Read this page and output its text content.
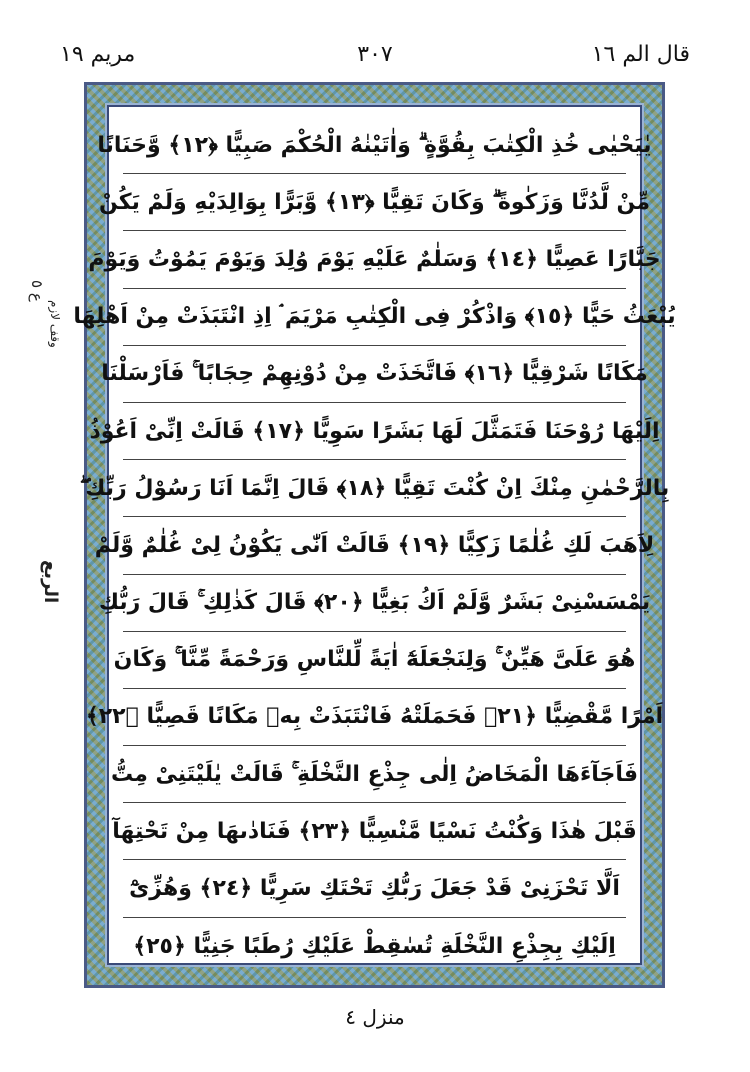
قال الم ١٦
٣٠٧
مریم ١٩
ع ٥
وقف لازم
الربع
يٰيَحْيٰى خُذِ الْكِتٰبَ بِقُوَّةٍ ۗ وَاٰتَيْنٰهُ الْحُكْمَ صَبِيًّا ﴿١٢﴾ وَّحَنَانًا
مِّنْ لَّدُنَّا وَزَكٰوةً ۗ وَكَانَ تَقِيًّا ﴿١٣﴾ وَّبَرًّا بِوَالِدَيْهِ وَلَمْ يَكُنْ
جَبَّارًا عَصِيًّا ﴿١٤﴾ وَسَلٰمٌ عَلَيْهِ يَوْمَ وُلِدَ وَيَوْمَ يَمُوْتُ وَيَوْمَ
يُبْعَثُ حَيًّا ﴿١٥﴾ وَاذْكُرْ فِى الْكِتٰبِ مَرْيَمَ ۘ اِذِ انْتَبَذَتْ مِنْ اَهْلِهَا
مَكَانًا شَرْقِيًّا ﴿١٦﴾ فَاتَّخَذَتْ مِنْ دُوْنِهِمْ حِجَابًا ۚ فَاَرْسَلْنَا
اِلَيْهَا رُوْحَنَا فَتَمَثَّلَ لَهَا بَشَرًا سَوِيًّا ﴿١٧﴾ قَالَتْ اِنِّىْ اَعُوْذُ
بِالرَّحْمٰنِ مِنْكَ اِنْ كُنْتَ تَقِيًّا ﴿١٨﴾ قَالَ اِنَّمَا اَنَا رَسُوْلُ رَبِّكِ ۖ
لِاَهَبَ لَكِ غُلٰمًا زَكِيًّا ﴿١٩﴾ قَالَتْ اَنّٰى يَكُوْنُ لِىْ غُلٰمٌ وَّلَمْ
يَمْسَسْنِىْ بَشَرٌ وَّلَمْ اَكُ بَغِيًّا ﴿٢٠﴾ قَالَ كَذٰلِكِ ۚ قَالَ رَبُّكِ
هُوَ عَلَىَّ هَيِّنٌ ۚ وَلِنَجْعَلَهٗٓ اٰيَةً لِّلنَّاسِ وَرَحْمَةً مِّنَّا ۚ وَكَانَ
اَمْرًا مَّقْضِيًّا ﴿٢١﴾ فَحَمَلَتْهُ فَانْتَبَذَتْ بِهٖ مَكَانًا قَصِيًّا ﴿٢٢﴾
فَاَجَآءَهَا الْمَخَاضُ اِلٰى جِذْعِ النَّخْلَةِ ۚ قَالَتْ يٰلَيْتَنِىْ مِتُّ
قَبْلَ هٰذَا وَكُنْتُ نَسْيًا مَّنْسِيًّا ﴿٢٣﴾ فَنَادٰىهَا مِنْ تَحْتِهَآ
اَلَّا تَحْزَنِىْ قَدْ جَعَلَ رَبُّكِ تَحْتَكِ سَرِيًّا ﴿٢٤﴾ وَهُزِّىْٓ
اِلَيْكِ بِجِذْعِ النَّخْلَةِ تُسٰقِطْ عَلَيْكِ رُطَبًا جَنِيًّا ﴿٢٥﴾
منزل ٤
